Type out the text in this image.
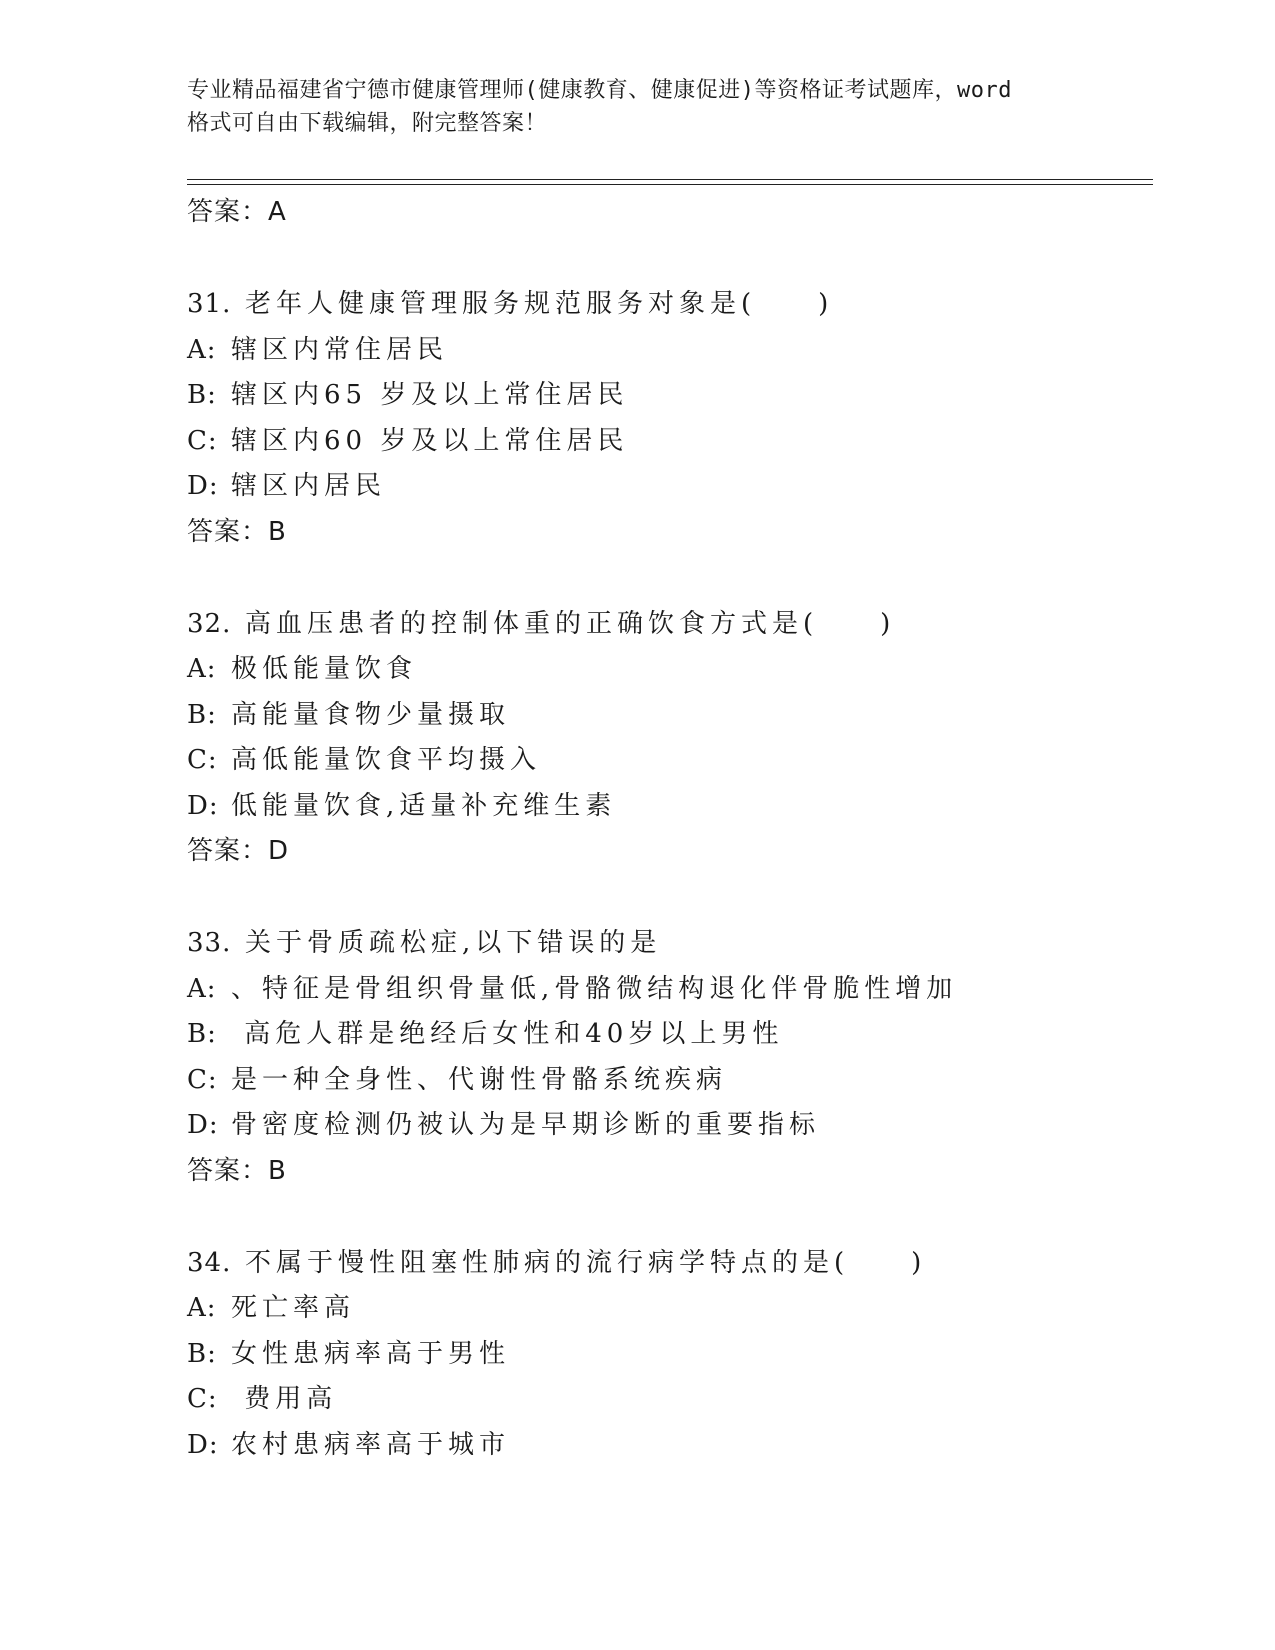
专业精品福建省宁德市健康管理师(健康教育、健康促进)等资格证考试题库，word
格式可自由下载编辑，附完整答案！
答案：A
31. 老年人健康管理服务规范服务对象是(　　)
A: 辖区内常住居民
B: 辖区内65 岁及以上常住居民
C: 辖区内60 岁及以上常住居民
D: 辖区内居民
答案：B
32. 高血压患者的控制体重的正确饮食方式是(　　)
A: 极低能量饮食
B: 高能量食物少量摄取
C: 高低能量饮食平均摄入
D: 低能量饮食,适量补充维生素
答案：D
33. 关于骨质疏松症,以下错误的是
A: 、特征是骨组织骨量低,骨骼微结构退化伴骨脆性增加
B: 高危人群是绝经后女性和40岁以上男性
C: 是一种全身性、代谢性骨骼系统疾病
D: 骨密度检测仍被认为是早期诊断的重要指标
答案：B
34. 不属于慢性阻塞性肺病的流行病学特点的是(　　)
A: 死亡率高
B: 女性患病率高于男性
C: 费用高
D: 农村患病率高于城市
